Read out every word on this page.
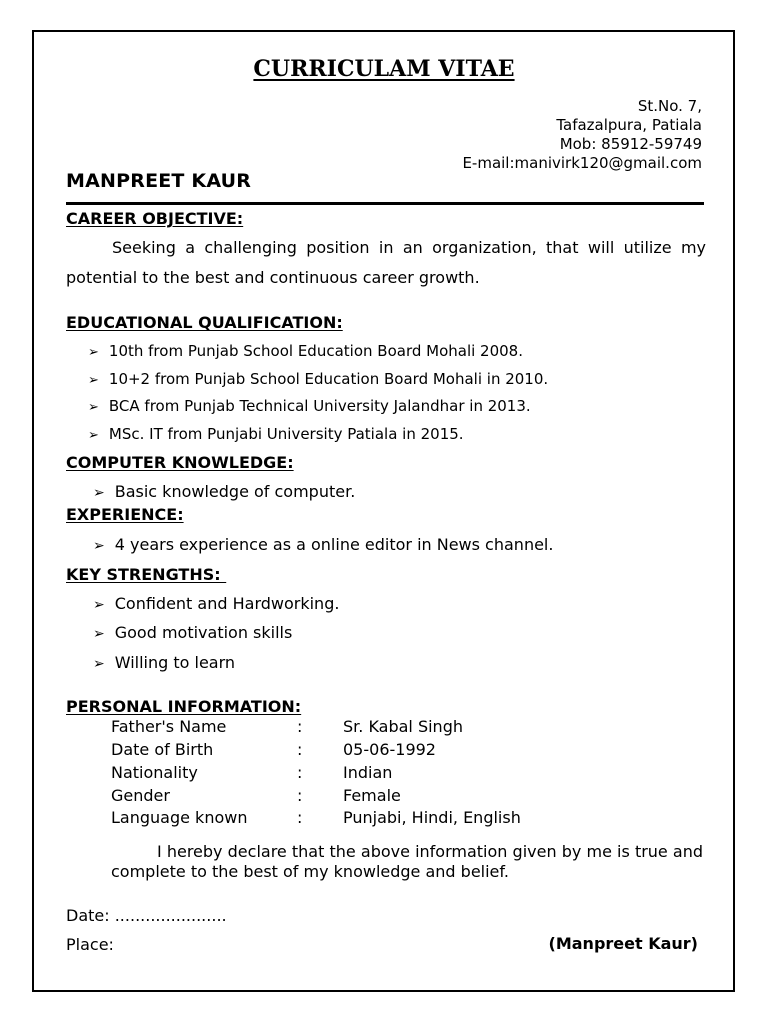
CURRICULAM VITAE
St.No. 7,
Tafazalpura, Patiala
Mob: 85912-59749
E-mail:manivirk120@gmail.com
MANPREET KAUR
CAREER OBJECTIVE:
Seeking a challenging position in an organization, that will utilize my potential to the best and continuous career growth.
EDUCATIONAL QUALIFICATION:
➢ 10th from Punjab School Education Board Mohali 2008.
➢ 10+2 from Punjab School Education Board Mohali in 2010.
➢ BCA from Punjab Technical University Jalandhar in 2013.
➢ MSc. IT from Punjabi University Patiala in 2015.
COMPUTER KNOWLEDGE:
➢ Basic knowledge of computer.
EXPERIENCE:
➢ 4 years experience as a online editor in News channel.
KEY STRENGTHS:
➢ Confident and Hardworking.
➢ Good motivation skills
➢ Willing to learn
PERSONAL INFORMATION:
Father's Name	:	Sr. Kabal Singh
Date of Birth	:	05-06-1992
Nationality	:	Indian
Gender	:	Female
Language known	:	Punjabi, Hindi, English
I hereby declare that the above information given by me is true and complete to the best of my knowledge and belief.
Date: ......................
Place:	(Manpreet Kaur)
